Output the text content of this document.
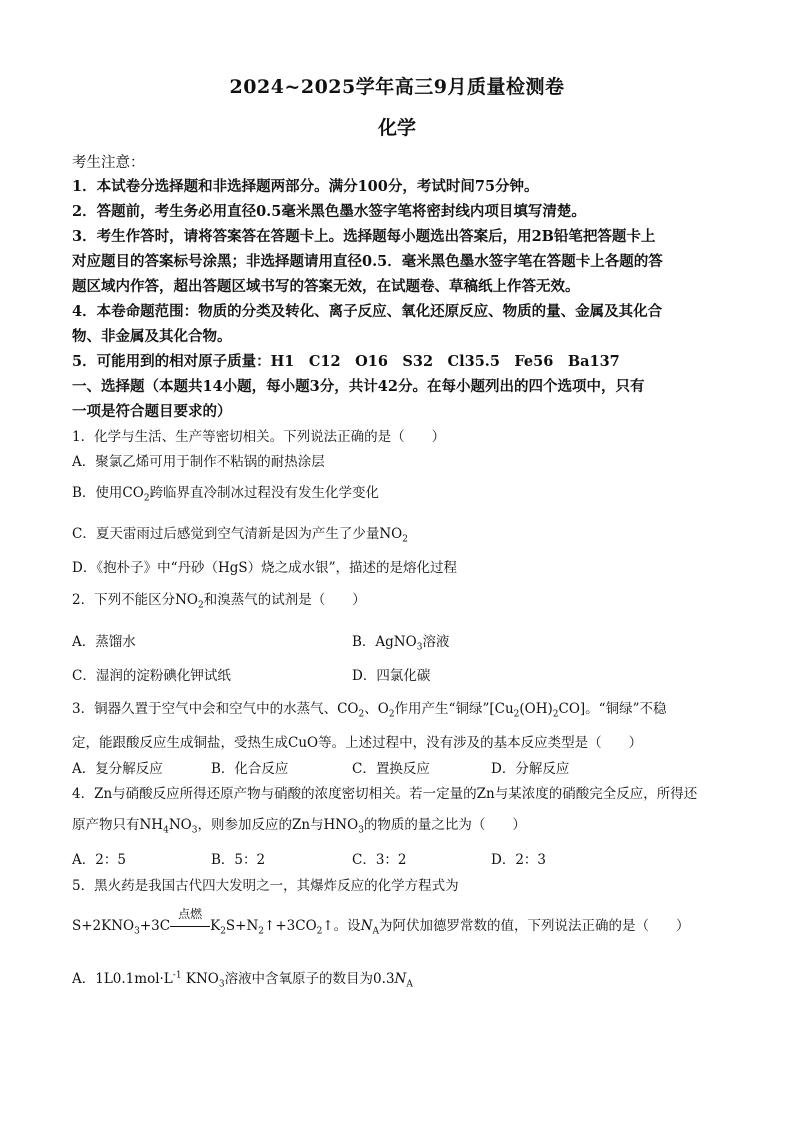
2024~2025学年高三9月质量检测卷
化学
考生注意：
1．本试卷分选择题和非选择题两部分。满分100分，考试时间75分钟。
2．答题前，考生务必用直径0.5毫米黑色墨水签字笔将密封线内项目填写清楚。
3．考生作答时，请将答案答在答题卡上。选择题每小题选出答案后，用2B铅笔把答题卡上
对应题目的答案标号涂黑；非选择题请用直径0.5．毫米黑色墨水签字笔在答题卡上各题的答
题区域内作答，超出答题区域书写的答案无效，在试题卷、草稿纸上作答无效。
4．本卷命题范围：物质的分类及转化、离子反应、氧化还原反应、物质的量、金属及其化合
物、非金属及其化合物。
5．可能用到的相对原子质量：H1　C12　O16　S32　Cl35.5　Fe56　Ba137
一、选择题（本题共14小题，每小题3分，共计42分。在每小题列出的四个选项中，只有
一项是符合题目要求的）
1．化学与生活、生产等密切相关。下列说法正确的是（　　）
A．聚氯乙烯可用于制作不粘锅的耐热涂层
B．使用$CO_2$跨临界直冷制冰过程没有发生化学变化
C．夏天雷雨过后感觉到空气清新是因为产生了少量$NO_2$
D．《抱朴子》中“丹砂（HgS）烧之成水银”，描述的是熔化过程
2．下列不能区分$NO_2$和溴蒸气的试剂是（　　）
A．蒸馏水	B．AgNO$_3$溶液
C．湿润的淀粉碘化钾试纸	D．四氯化碳
3．铜器久置于空气中会和空气中的水蒸气、$CO_2$、$O_2$作用产生“铜绿$”[Cu_2(OH)_2CO]$。“铜绿”不稳
定，能跟酸反应生成铜盐，受热生成CuO等。上述过程中，没有涉及的基本反应类型是（　　）
A．复分解反应	B．化合反应	C．置换反应	D．分解反应
4．Zn与硝酸反应所得还原产物与硝酸的浓度密切相关。若一定量的Zn与某浓度的硝酸完全反应，所得还
原产物只有$NH_4NO_3$，则参加反应的Zn与$HNO_3$的物质的量之比为（　　）
A．2：5	B．5：2	C．3：2	D．2：3
5．黑火药是我国古代四大发明之一，其爆炸反应的化学方程式为
$S+2KNO_3+3C$
点燃
$K_2S+N_2↑+3CO_2↑$。设$N_A$为阿伏加德罗常数的值，下列说法正确的是（　　）
A．$1L0.1mol\cdot L^{-1}$ $KNO_3$溶液中含氧原子的数目为$0.3N_A$
